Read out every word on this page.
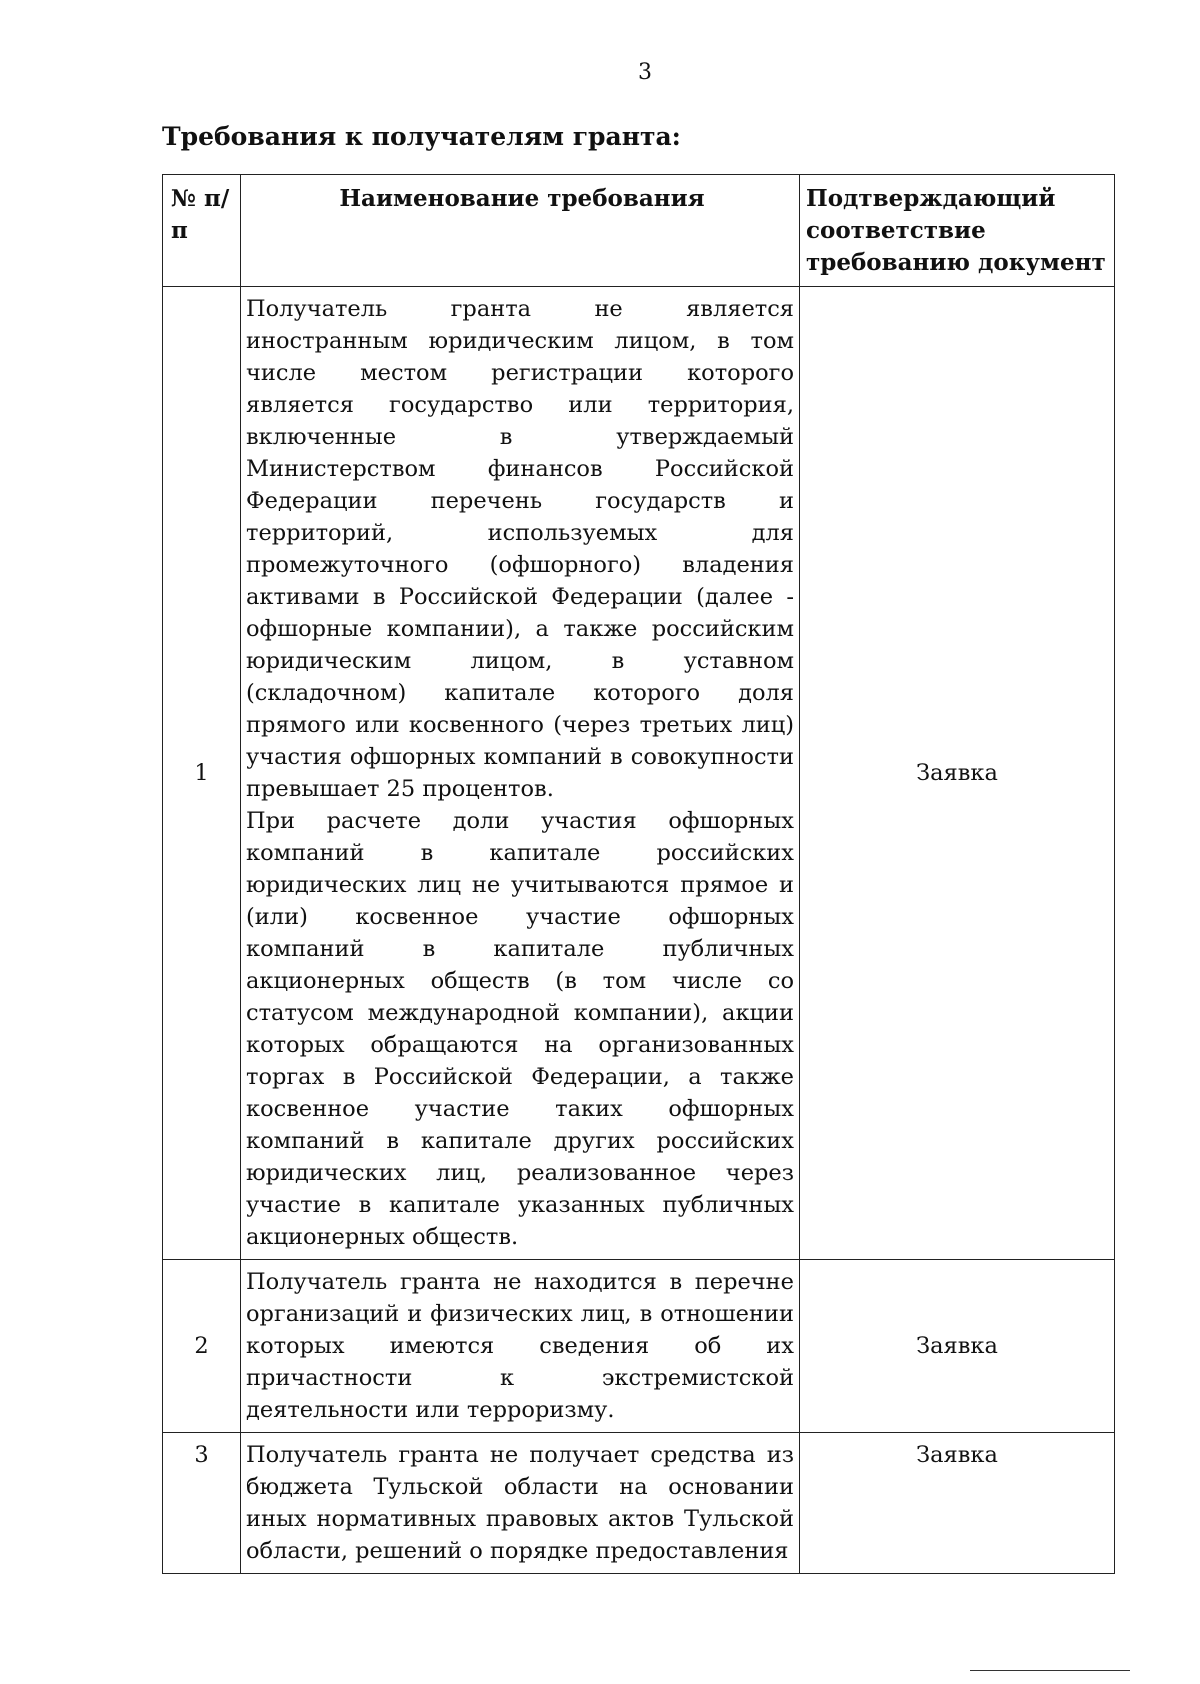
3
Требования к получателям гранта:
№ п/п	Наименование требования	Подтверждающий соответствие требованию документ
1	Получатель гранта не является иностранным юридическим лицом, в том числе местом регистрации которого является государство или территория, включенные в утверждаемый Министерством финансов Российской Федерации перечень государств и территорий, используемых для промежуточного (офшорного) владения активами в Российской Федерации (далее - офшорные компании), а также российским юридическим лицом, в уставном (складочном) капитале которого доля прямого или косвенного (через третьих лиц) участия офшорных компаний в совокупности превышает 25 процентов.
При расчете доли участия офшорных компаний в капитале российских юридических лиц не учитываются прямое и (или) косвенное участие офшорных компаний в капитале публичных акционерных обществ (в том числе со статусом международной компании), акции которых обращаются на организованных торгах в Российской Федерации, а также косвенное участие таких офшорных компаний в капитале других российских юридических лиц, реализованное через участие в капитале указанных публичных акционерных обществ.	Заявка
2	Получатель гранта не находится в перечне организаций и физических лиц, в отношении которых имеются сведения об их причастности к экстремистской деятельности или терроризму.	Заявка
3	Получатель гранта не получает средства из бюджета Тульской области на основании иных нормативных правовых актов Тульской области, решений о порядке предоставления	Заявка
